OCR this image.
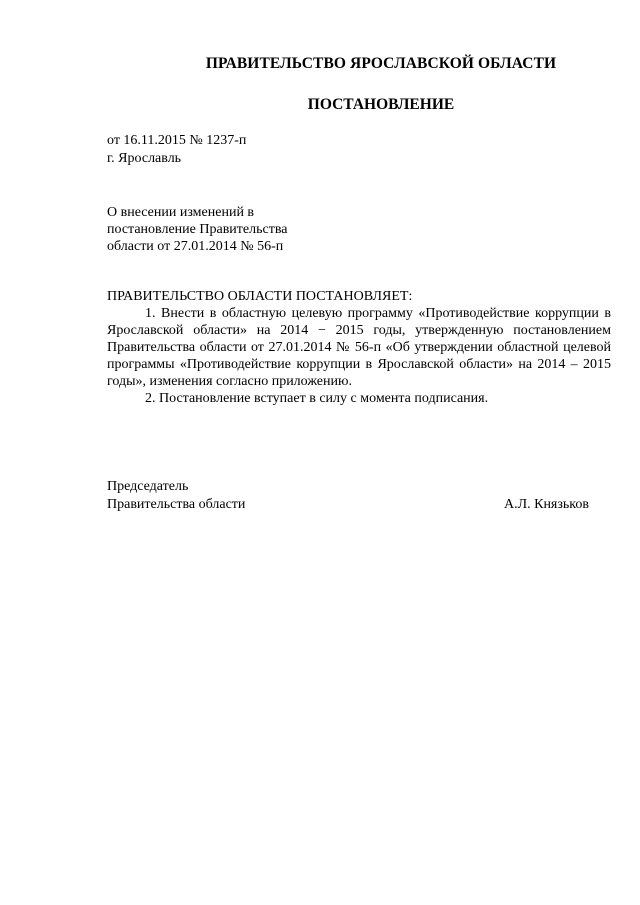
ПРАВИТЕЛЬСТВО ЯРОСЛАВСКОЙ ОБЛАСТИ
ПОСТАНОВЛЕНИЕ
от 16.11.2015 № 1237-п
г. Ярославль
О внесении изменений в
постановление Правительства
области от 27.01.2014 № 56-п

ПРАВИТЕЛЬСТВО ОБЛАСТИ ПОСТАНОВЛЯЕТ:

1. Внести в областную целевую программу «Противодействие коррупции в Ярославской области» на 2014 − 2015 годы, утвержденную постановлением Правительства области от 27.01.2014 № 56-п «Об утверждении областной целевой программы «Противодействие коррупции в Ярославской области» на 2014 – 2015 годы», изменения согласно приложению.

2. Постановление вступает в силу с момента подписания.

Председатель
Правительства области	А.Л. Князьков
